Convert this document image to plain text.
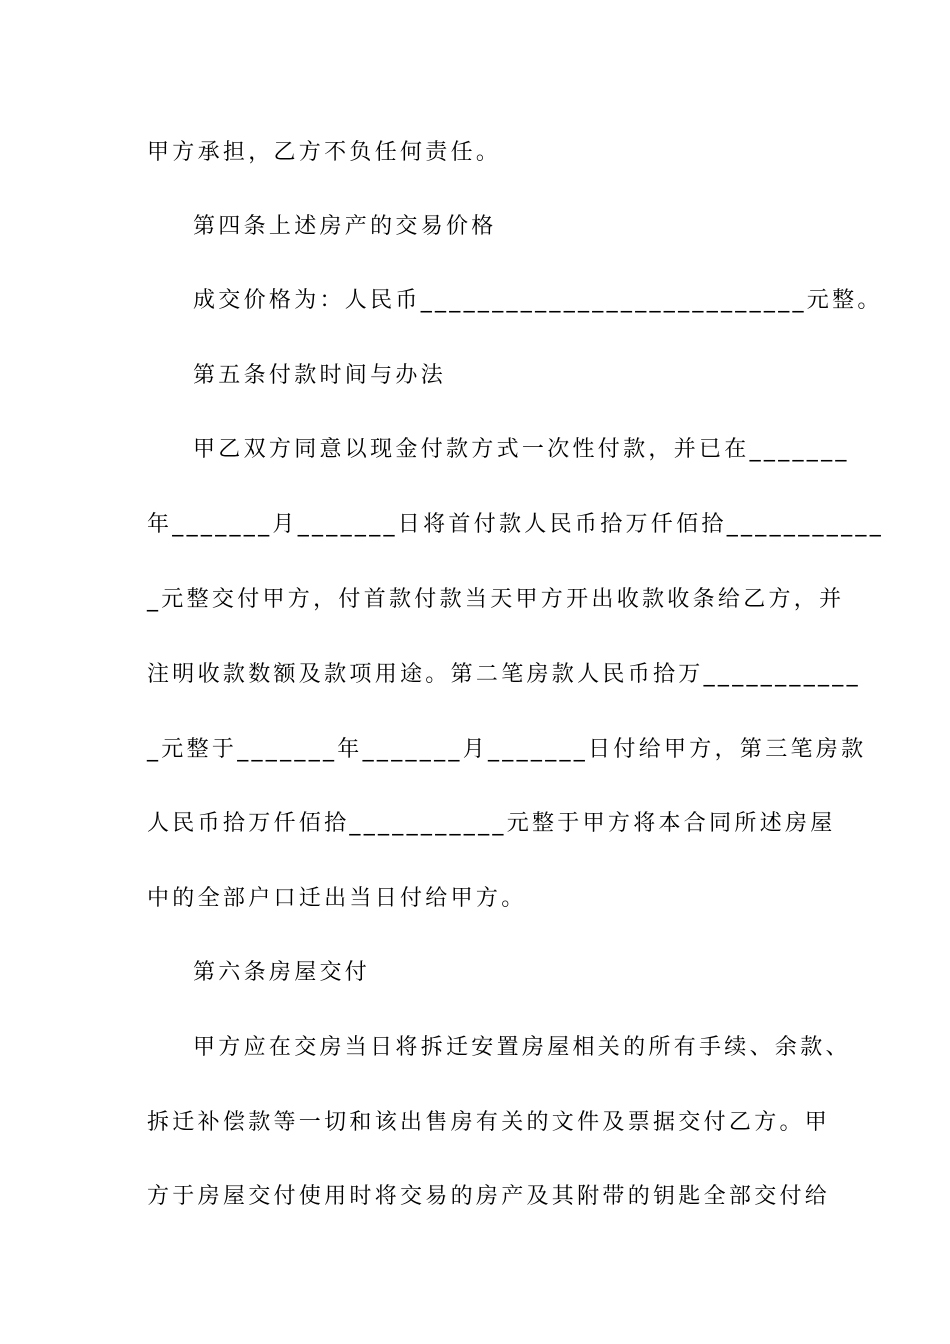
甲方承担，乙方不负任何责任。
第四条上述房产的交易价格
成交价格为：人民币___________________________元整。
第五条付款时间与办法
甲乙双方同意以现金付款方式一次性付款，并已在_______
年_______月_______日将首付款人民币拾万仟佰拾___________
_元整交付甲方，付首款付款当天甲方开出收款收条给乙方，并
注明收款数额及款项用途。第二笔房款人民币拾万___________
_元整于_______年_______月_______日付给甲方，第三笔房款
人民币拾万仟佰拾___________元整于甲方将本合同所述房屋
中的全部户口迁出当日付给甲方。
第六条房屋交付
甲方应在交房当日将拆迁安置房屋相关的所有手续、余款、
拆迁补偿款等一切和该出售房有关的文件及票据交付乙方。甲
方于房屋交付使用时将交易的房产及其附带的钥匙全部交付给
